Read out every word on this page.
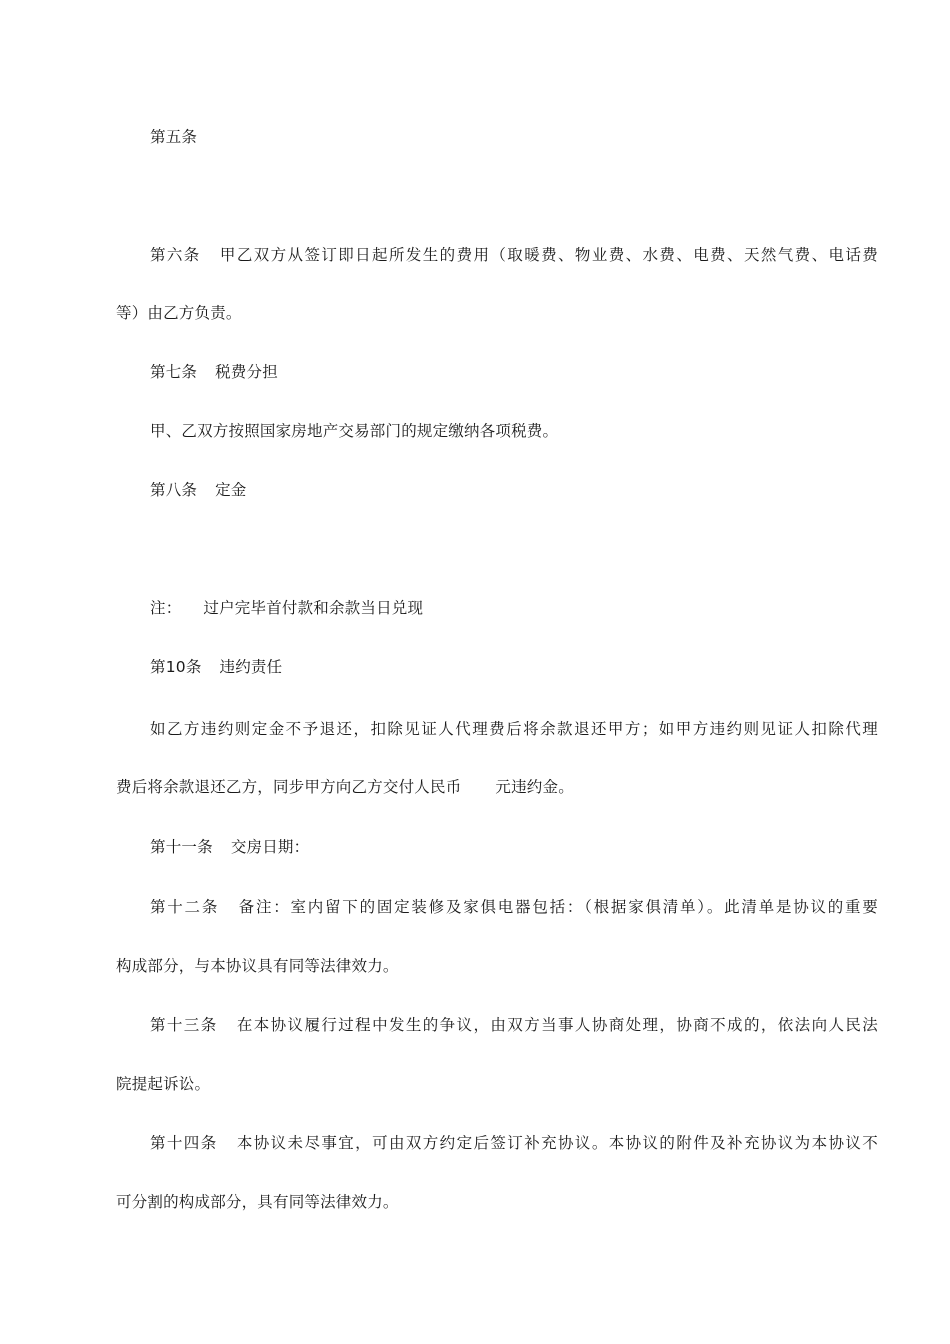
第五条
第六条 甲乙双方从签订即日起所发生的费用（取暖费、物业费、水费、电费、天然气费、电话费
等）由乙方负责。
第七条 税费分担
甲、乙双方按照国家房地产交易部门的规定缴纳各项税费。
第八条 定金
注： 过户完毕首付款和余款当日兑现
第10条 违约责任
如乙方违约则定金不予退还，扣除见证人代理费后将余款退还甲方；如甲方违约则见证人扣除代理
费后将余款退还乙方，同步甲方向乙方交付人民币 元违约金。
第十一条 交房日期：
第十二条 备注：室内留下的固定装修及家俱电器包括：（根据家俱清单）。此清单是协议的重要
构成部分，与本协议具有同等法律效力。
第十三条 在本协议履行过程中发生的争议，由双方当事人协商处理，协商不成的，依法向人民法
院提起诉讼。
第十四条 本协议未尽事宜，可由双方约定后签订补充协议。本协议的附件及补充协议为本协议不
可分割的构成部分，具有同等法律效力。
